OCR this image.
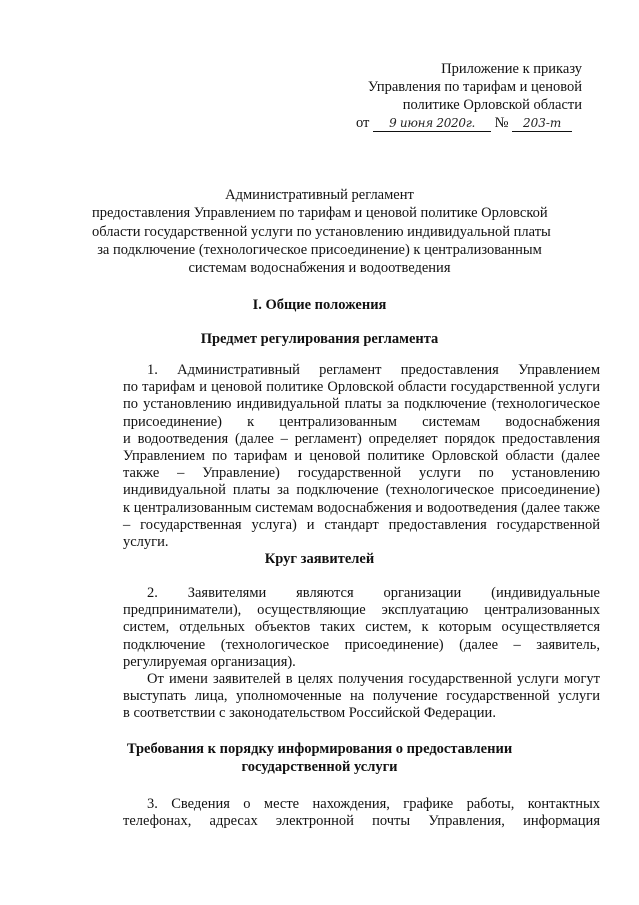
Приложение к приказу
Управления по тарифам и ценовой
политике Орловской области
от 9 июня 2020г. № 203-т
Административный регламент
предоставления Управлением по тарифам и ценовой политике Орловской
области государственной услуги по установлению индивидуальной платы
за подключение (технологическое присоединение) к централизованным
системам водоснабжения и водоотведения
I. Общие положения
Предмет регулирования регламента
1. Административный регламент предоставления Управлением
по тарифам и ценовой политике Орловской области государственной услуги
по установлению индивидуальной платы за подключение (технологическое
присоединение) к централизованным системам водоснабжения
и водоотведения (далее – регламент) определяет порядок предоставления
Управлением по тарифам и ценовой политике Орловской области (далее
также – Управление) государственной услуги по установлению
индивидуальной платы за подключение (технологическое присоединение)
к централизованным системам водоснабжения и водоотведения (далее также
– государственная услуга) и стандарт предоставления государственной
услуги.
Круг заявителей
2. Заявителями являются организации (индивидуальные
предприниматели), осуществляющие эксплуатацию централизованных
систем, отдельных объектов таких систем, к которым осуществляется
подключение (технологическое присоединение) (далее – заявитель,
регулируемая организация).
От имени заявителей в целях получения государственной услуги могут
выступать лица, уполномоченные на получение государственной услуги
в соответствии с законодательством Российской Федерации.
Требования к порядку информирования о предоставлении
государственной услуги
3. Сведения о месте нахождения, графике работы, контактных
телефонах, адресах электронной почты Управления, информация
